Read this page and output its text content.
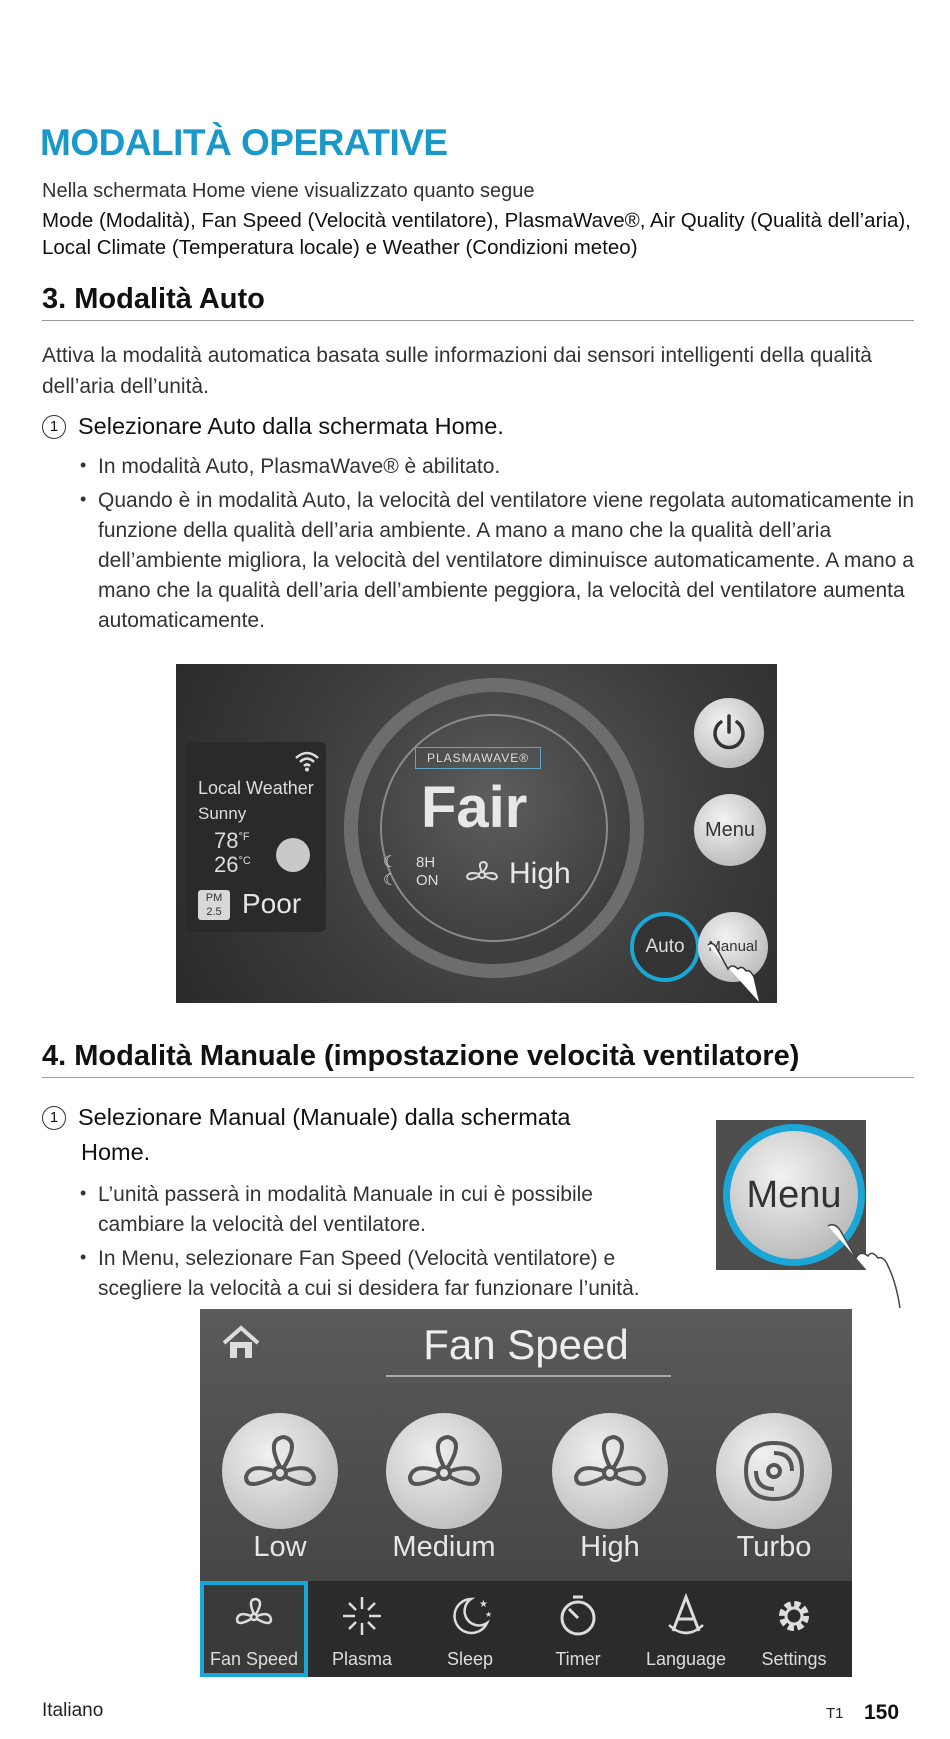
MODALITÀ OPERATIVE
Nella schermata Home viene visualizzato quanto segue
Mode (Modalità), Fan Speed (Velocità ventilatore), PlasmaWave®, Air Quality (Qualità dell’aria), Local Climate (Temperatura locale) e Weather (Condizioni meteo)
3. Modalità Auto
Attiva la modalità automatica basata sulle informazioni dai sensori intelligenti della qualità dell’aria dell’unità.
1 Selezionare Auto dalla schermata Home.
• In modalità Auto, PlasmaWave® è abilitato.
• Quando è in modalità Auto, la velocità del ventilatore viene regolata automaticamente in funzione della qualità dell’aria ambiente. A mano a mano che la qualità dell’aria dell’ambiente migliora, la velocità del ventilatore diminuisce automaticamente. A mano a mano che la qualità dell’aria dell’ambiente peggiora, la velocità del ventilatore aumenta automaticamente.
Local Weather
Sunny
$78^{^\circ F}$
$26^{^\circ C}$
PM
2.5 Poor
PLASMAWAVE®
Fair
☾
☾
8H
ON High
Menu
Auto	Manual
4. Modalità Manuale (impostazione velocità ventilatore)
1 Selezionare Manual (Manuale) dalla schermata
Home.
• L’unità passerà in modalità Manuale in cui è possibile cambiare la velocità del ventilatore.
• In Menu, selezionare Fan Speed (Velocità ventilatore) e scegliere la velocità a cui si desidera far funzionare l’unità.
Menu
Fan Speed
Low	Medium	High	Turbo
Fan Speed	Plasma
★
★
Sleep	Timer	Language	Settings
Italiano	T1 150
